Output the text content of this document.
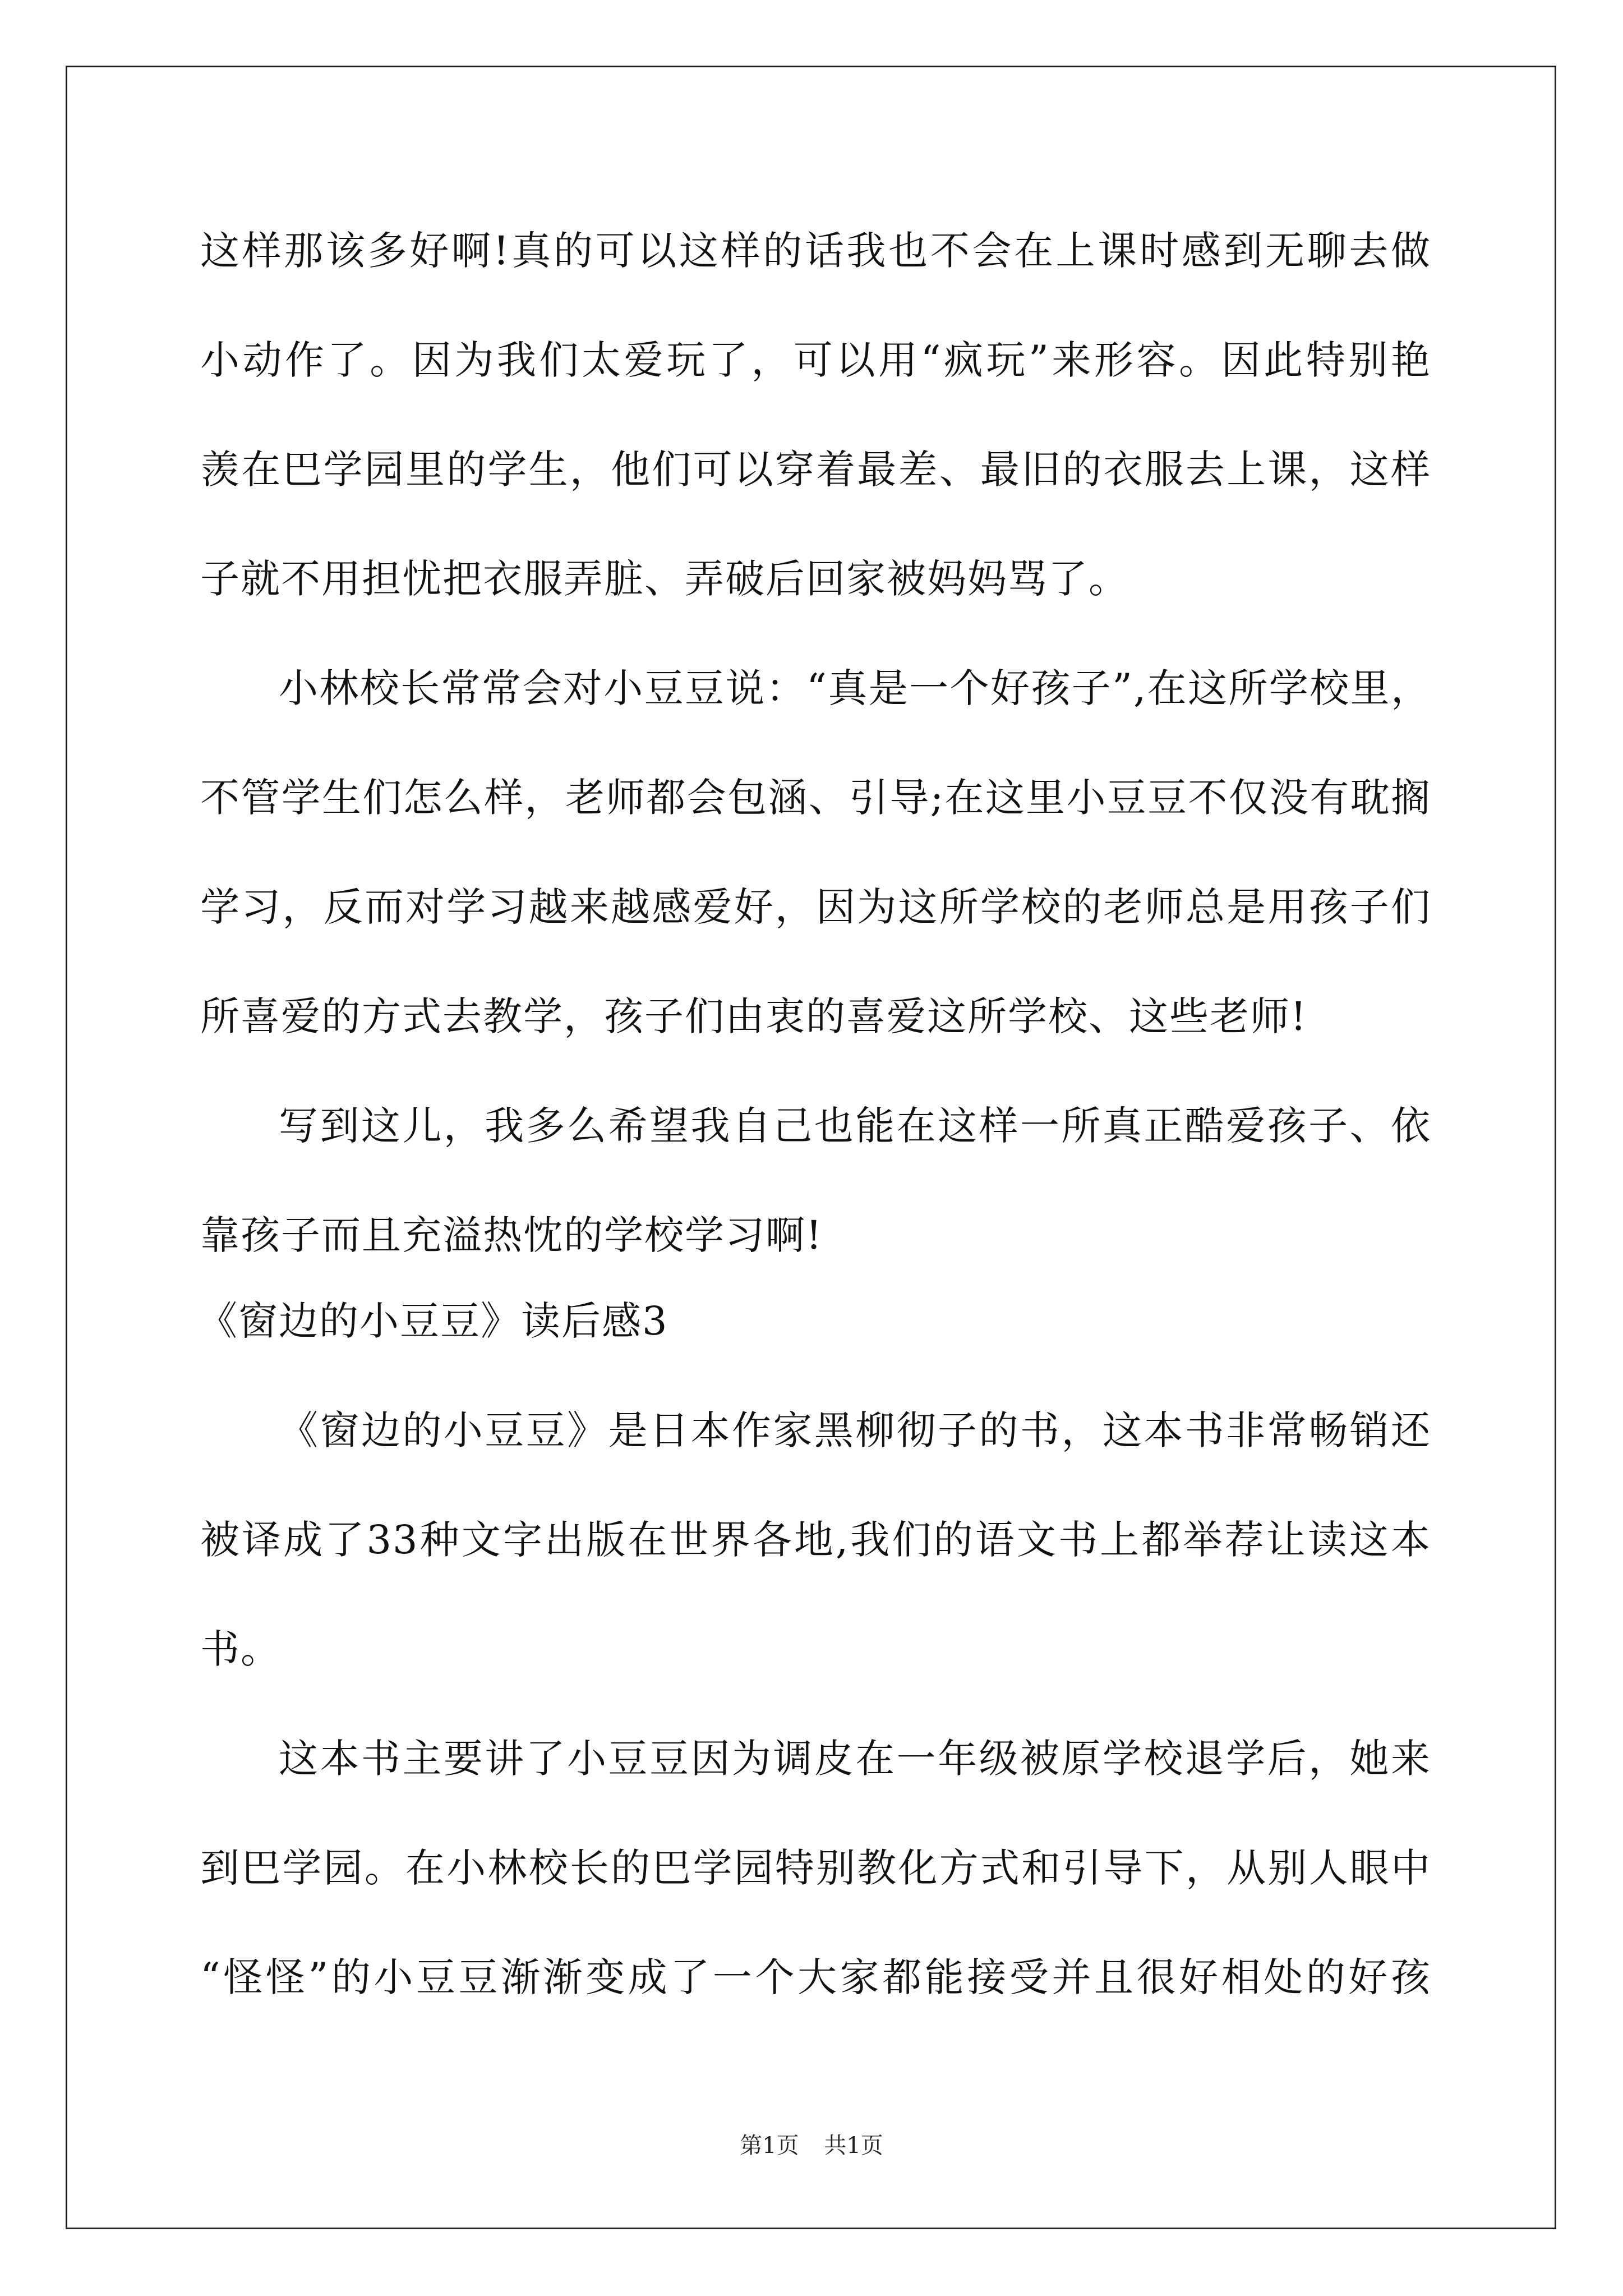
这样那该多好啊!真的可以这样的话我也不会在上课时感到无聊去做
小动作了。因为我们太爱玩了，可以用“疯玩”来形容。因此特别艳
羡在巴学园里的学生，他们可以穿着最差、最旧的衣服去上课，这样
子就不用担忧把衣服弄脏、弄破后回家被妈妈骂了。
小林校长常常会对小豆豆说：“真是一个好孩子”,在这所学校里，
不管学生们怎么样，老师都会包涵、引导;在这里小豆豆不仅没有耽搁
学习，反而对学习越来越感爱好，因为这所学校的老师总是用孩子们
所喜爱的方式去教学，孩子们由衷的喜爱这所学校、这些老师!
写到这儿，我多么希望我自己也能在这样一所真正酷爱孩子、依
靠孩子而且充溢热忱的学校学习啊!
《窗边的小豆豆》读后感3
《窗边的小豆豆》是日本作家黑柳彻子的书，这本书非常畅销还
被译成了33种文字出版在世界各地,我们的语文书上都举荐让读这本
书。
这本书主要讲了小豆豆因为调皮在一年级被原学校退学后，她来
到巴学园。在小林校长的巴学园特别教化方式和引导下，从别人眼中
“怪怪”的小豆豆渐渐变成了一个大家都能接受并且很好相处的好孩
第1页 共1页
